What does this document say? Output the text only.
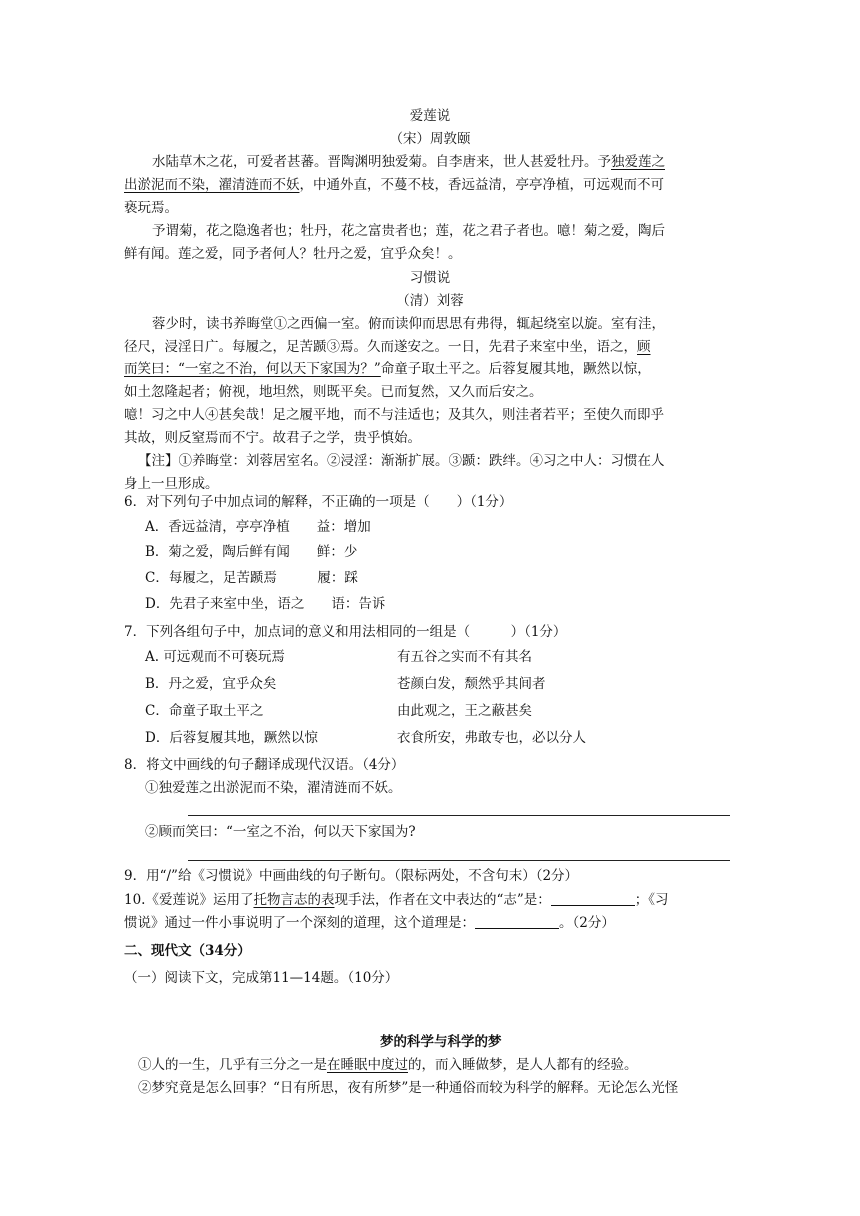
爱莲说
（宋）周敦颐
水陆草木之花，可爱者甚蕃。晋陶渊明独爱菊。自李唐来，世人甚爱牡丹。予独爱莲之
出淤泥而不染，濯清涟而不妖，中通外直，不蔓不枝，香远益清，亭亭净植，可远观而不可
亵玩焉。
予谓菊，花之隐逸者也；牡丹，花之富贵者也；莲，花之君子者也。噫！菊之爱，陶后
鲜有闻。莲之爱，同予者何人？牡丹之爱，宜乎众矣！。
习惯说
（清）刘蓉
蓉少时，读书养晦堂①之西偏一室。俯而读仰而思思有弗得，辄起绕室以旋。室有洼，
径尺，浸淫日广。每履之，足苦踬③焉。久而遂安之。一日，先君子来室中坐，语之，顾
而笑曰：“一室之不治，何以天下家国为？”命童子取土平之。后蓉复履其地，蹶然以惊，
如土忽隆起者；俯视，地坦然，则既平矣。已而复然，又久而后安之。
噫！习之中人④甚矣哉！足之履平地，而不与洼适也；及其久，则洼者若平；至使久而即乎
其故，则反窒焉而不宁。故君子之学，贵乎慎始。
【注】①养晦堂：刘蓉居室名。②浸淫：渐渐扩展。③踬：跌绊。④习之中人：习惯在人
身上一旦形成。
6．对下列句子中加点词的解释，不正确的一项是（　　）（1分）
A．香远益清，亭亭净植　　益：增加
B．菊之爱，陶后鲜有闻　　鲜：少
C．每履之，足苦踬焉　　　履：踩
D．先君子来室中坐，语之　　语：告诉
7．下列各组句子中，加点词的意义和用法相同的一组是（　　　）（1分）
A. 可远观而不可亵玩焉	有五谷之实而不有其名
B．丹之爱，宜乎众矣	苍颜白发，颓然乎其间者
C．命童子取土平之	由此观之，王之蔽甚矣
D．后蓉复履其地，蹶然以惊	衣食所安，弗敢专也，必以分人
8．将文中画线的句子翻译成现代汉语。（4分）
①独爱莲之出淤泥而不染，濯清涟而不妖。
②顾而笑曰：“一室之不治，何以天下家国为?
9．用“/”给《习惯说》中画曲线的句子断句。（限标两处，不含句末）（2分）
10.《爱莲说》运用了托物言志的表现手法，作者在文中表达的“志”是：	；《习
惯说》通过一件小事说明了一个深刻的道理，这个道理是：	。（2分）
二、现代文（34分）
（一）阅读下文，完成第11—14题。（10分）
梦的科学与科学的梦
①人的一生，几乎有三分之一是在睡眠中度过的，而入睡做梦，是人人都有的经验。
②梦究竟是怎么回事？“日有所思，夜有所梦”是一种通俗而较为科学的解释。无论怎么光怪
